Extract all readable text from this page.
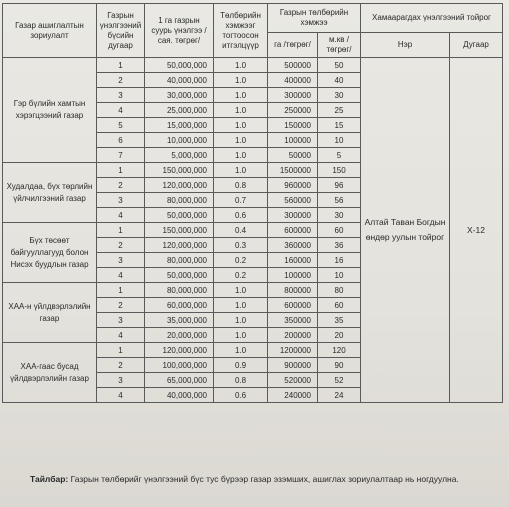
Газар ашиглалтын зориулалт	Газрын үнэлгээний бүсийн дугаар	1 га газрын суурь үнэлгээ /сая. төгрөг/	Төлбөрийн хэмжээг тогтоосон итгэлцүүр	Газрын төлбөрийн хэмжээ		Хамаарагдах үнэлгээний тойрог	
				га /төгрөг/	м.кв /төгрөг/	Нэр	Дугаар
Гэр бүлийн хамтын хэрэгцээний газар	1	50,000,000	1.0	500000	50	Алтай Таван Богдын өндөр уулын тойрог	Х-12
	2	40,000,000	1.0	400000	40		
	3	30,000,000	1.0	300000	30		
	4	25,000,000	1.0	250000	25		
	5	15,000,000	1.0	150000	15		
	6	10,000,000	1.0	100000	10		
	7	5,000,000	1.0	50000	5		
Худалдаа, бүх төрлийн үйлчилгээний газар	1	150,000,000	1.0	1500000	150		
	2	120,000,000	0.8	960000	96		
	3	80,000,000	0.7	560000	56		
	4	50,000,000	0.6	300000	30		
Бүх төсөөт байгууллагууд болон Нисэх буудлын газар	1	150,000,000	0.4	600000	60		
	2	120,000,000	0.3	360000	36		
	3	80,000,000	0.2	160000	16		
	4	50,000,000	0.2	100000	10		
ХАА-н үйлдвэрлэлийн газар	1	80,000,000	1.0	800000	80		
	2	60,000,000	1.0	600000	60		
	3	35,000,000	1.0	350000	35		
	4	20,000,000	1.0	200000	20		
ХАА-гаас бусад үйлдвэрлэлийн газар	1	120,000,000	1.0	1200000	120		
	2	100,000,000	0.9	900000	90		
	3	65,000,000	0.8	520000	52		
	4	40,000,000	0.6	240000	24		
Тайлбар: Газрын төлбөрийг үнэлгээний бүс тус бүрээр газар эзэмших, ашиглах зориулалтаар нь ногдуулна.
